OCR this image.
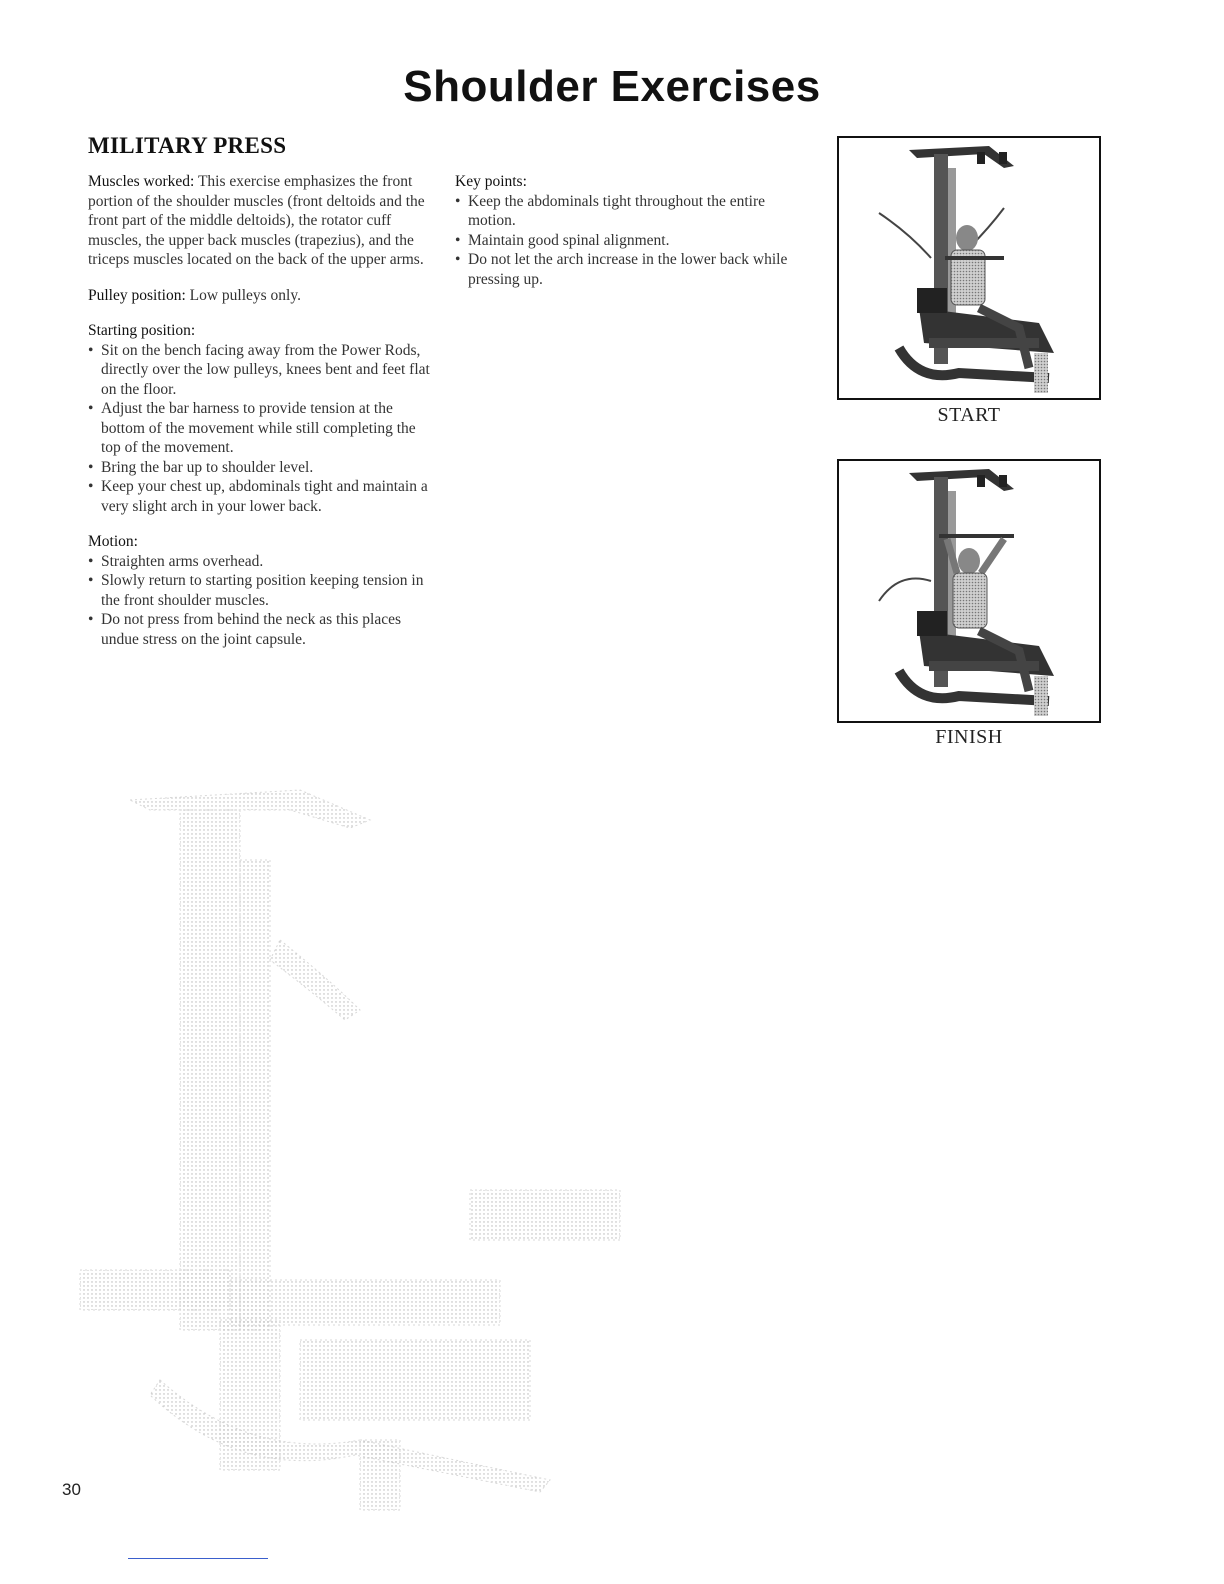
Shoulder Exercises
MILITARY PRESS

Muscles worked: This exercise emphasizes the front portion of the shoulder muscles (front deltoids and the front part of the middle deltoids), the rotator cuff muscles, the upper back muscles (trapezius), and the triceps muscles located on the back of the upper arms.

Pulley position: Low pulleys only.

Starting position:
• Sit on the bench facing away from the Power Rods, directly over the low pulleys, knees bent and feet flat on the floor.
• Adjust the bar harness to provide tension at the bottom of the movement while still completing the top of the movement.
• Bring the bar up to shoulder level.
• Keep your chest up, abdominals tight and maintain a very slight arch in your lower back.
Motion:
• Straighten arms overhead.
• Slowly return to starting position keeping tension in the front shoulder muscles.
• Do not press from behind the neck as this places undue stress on the joint capsule.
Key points:
• Keep the abdominals tight throughout the entire motion.
• Maintain good spinal alignment.
• Do not let the arch increase in the lower back while pressing up.
START
FINISH
30
